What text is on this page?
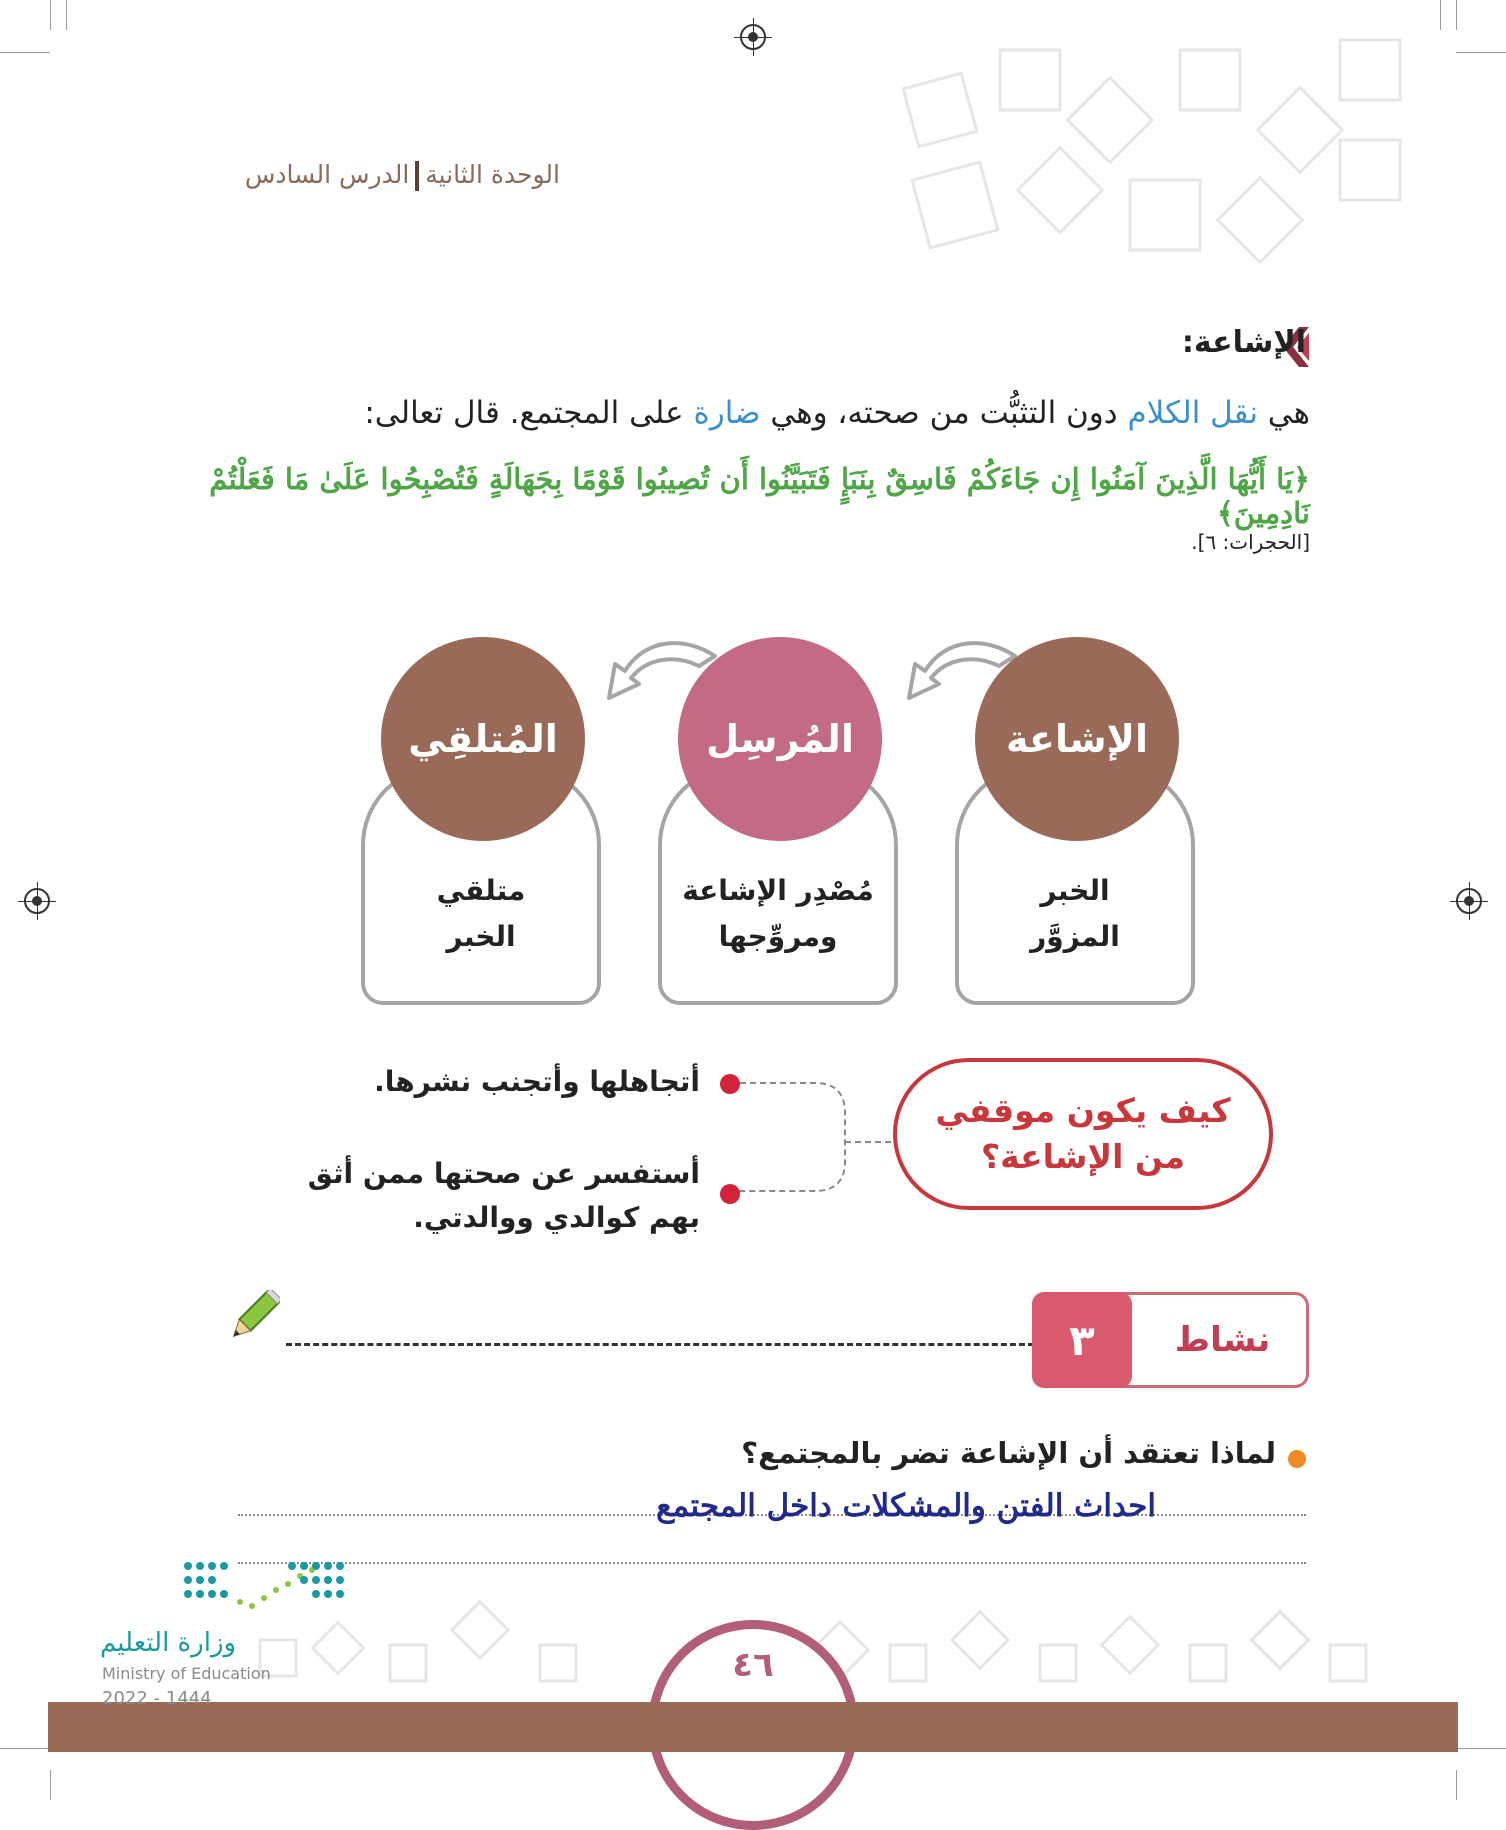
الوحدة الثانيةالدرس السادس
الإشاعة:
هي نقل الكلام دون التثبُّت من صحته، وهي ضارة على المجتمع. قال تعالى:
﴿يَا أَيُّهَا الَّذِينَ آمَنُوا إِن جَاءَكُمْ فَاسِقٌ بِنَبَإٍ فَتَبَيَّنُوا أَن تُصِيبُوا قَوْمًا بِجَهَالَةٍ فَتُصْبِحُوا عَلَىٰ مَا فَعَلْتُمْ نَادِمِينَ﴾
[الحجرات: ٦].
الخبر
المزوَّر
مُصْدِر الإشاعة
ومروِّجها
متلقي
الخبر
الإشاعة
المُرسِل
المُتلقِي
كيف يكون موقفي
من الإشاعة؟
أتجاهلها وأتجنب نشرها.
أستفسر عن صحتها ممن أثق
بهم كوالدي ووالدتي.
٣	نشاط
لماذا تعتقد أن الإشاعة تضر بالمجتمع؟
احداث الفتن والمشكلات داخل المجتمع
٤٦
وزارة التعليم
Ministry of Education
2022 - 1444
